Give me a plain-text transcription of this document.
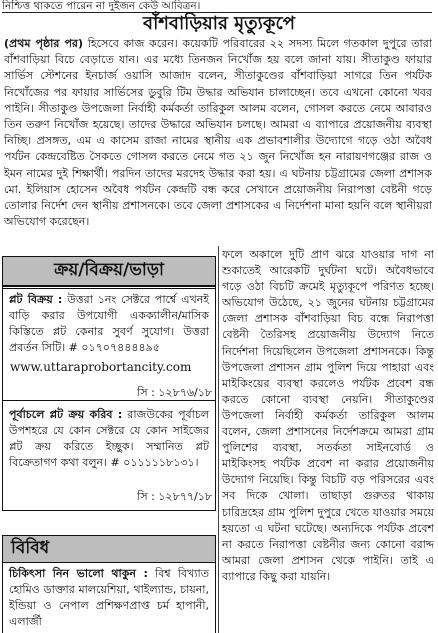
নিশ্চিত্ত থাকতে পারেন না দুইজন কেউ আবিত্রন।
বাঁশবাড়িয়ার মৃত্যুকূপে
(প্রথম পৃষ্ঠার পর) হিসেবে কাজ করেন। কয়েকটি পরিবারের ২২ সদস্য মিলে গতকাল দুপুরে তারা বাঁশবাড়িয়া বিচে বেড়াতে যান। এর মধ্যে তিনজন নিখোঁজ হয় বলে জানা যায়। সীতাকুণ্ড ফায়ার সার্ভিস স্টেশনের ইনচার্জ ওয়াসি আজাদ বলেন, সীতাকুণ্ডের বাঁশবাড়িয়া সাগরে তিন পর্যটক নিখোঁজের পর ফায়ার সার্ভিসের ডুবুরি টিম উদ্ধার অভিযান চালাচ্ছেন। তবে এখনো কোনো খবর পাইনি। সীতাকুণ্ড উপজেলা নির্বাহী কর্মকর্তা তারিকুল আলম বলেন, গোসল করতে নেমে আবারও তিন তরুণ নিখোঁজ হয়েছে। তাদের উদ্ধারে অভিযান চলছে। আমরা এ ব্যাপারে প্রয়োজনীয় ব্যবস্থা নিচ্ছি। প্রসঙ্গত, এম এ কাসেম রাজা নামের স্থানীয় এক প্রভাবশালীর উদ্যোগে গড়ে ওঠা অবৈধ পর্যটন কেন্দ্রবেষ্টিত সৈকতে গোসল করতে নেমে গত ২১ জুন নিখোঁজ হন নারায়ণগঞ্জের রাজ ও ইমন নামের দুই শিক্ষার্থী। পরদিন তাদের মরদেহ উদ্ধার করা হয়। এ ঘটনায় চট্টগ্রামের জেলা প্রশাসক মো. ইলিয়াস হোসেন অবৈধ পর্যটন কেন্দ্রটি বন্ধ করে সেখানে প্রয়োজনীয় নিরাপত্তা বেষ্টনী গড়ে তোলার নির্দেশ দেন স্থানীয় প্রশাসনকে। তবে জেলা প্রশাসকের এ নির্দেশনা মানা হয়নি বলে স্থানীয়রা অভিযোগ করেছেন।
ক্রয়/বিক্রয়/ভাড়া
প্লট বিক্রয় : উত্তরা ১নং সেক্টরে পার্শ্বে এখনই বাড়ি করার উপযোগী একক্যালীন/মাসিক কিস্তিতে প্লট কেনার সুবর্ণ সুযোগ। উত্তরা প্রবর্তন সিটি। # ০১৭০৭৪৪৪৪৯৫
www.uttaraprobortancity.com
সি : ১২৮৭৬/১৮
পূর্বাচলে প্লট ক্রয় করিব : রাজউকের পূর্বাচল উপশহরে যে কোন সেক্টরে যে কোন সাইজের প্লট ক্রয় করিতে ইচ্ছুক। সম্মানিত প্লট বিক্রেতাগণ কথা বলুন। # ০১১১১১৮১৩১।
সি : ১২৮৭৭/১৮
বিবিধ
চিকিৎসা নিন ভালো থাকুন : বিশ্ব বিখ্যাত হোমিও ডাক্তার মালয়েশিয়া, থাইল্যান্ড, চায়না, ইন্ডিয়া ও নেপাল প্রশিক্ষণপ্রাপ্ত চর্ম হাপানী, এলার্জী
ফলে অকালে দুটি প্রাণ ঝরে যাওয়ার দাগ না শুকাতেই আরেকটি দুর্ঘটনা ঘটে। অবৈধভাবে গড়ে ওঠা বিচটি ক্রমেই মৃত্যুকূপে পরিণত হচ্ছে। অভিযোগ উঠেছে, ২১ জুনের ঘটনায় চট্টগ্রামের জেলা প্রশাসক বাঁশবাড়িয়া বিচ বন্ধে নিরাপত্তা বেষ্টনী তৈরিসহ প্রয়োজনীয় উদ্যোগ নিতে নির্দেশনা দিয়েছিলেন উপজেলা প্রশাসনকে। কিন্তু উপজেলা প্রশাসন গ্রাম পুলিশ দিয়ে পাহারা এবং মাইকিংয়ের ব্যবস্থা করলেও পর্যটক প্রবেশ বন্ধ করতে কোনো ব্যবস্থা নেয়নি। সীতাকুণ্ডের উপজেলা নির্বাহী কর্মকর্তা তারিকুল আলম বলেন, জেলা প্রশাসনের নির্দেশক্রমে আমরা গ্রাম পুলিশের ব্যবস্থা, সতর্কতা সাইনবোর্ড ও মাইকিংসহ পর্যটক প্রবেশ না করার প্রয়োজনীয় উদ্যোগ নিয়েছি। কিন্তু বিচটি বড় পরিসরের এবং সব দিকে খোলা। তাছাড়া গুরুতর থাকায় চারিদ্রহের গ্রাম পুলিশ দুপুরে খেতে যাওয়ার সময়ে হয়তো এ ঘটনা ঘটেছে। অন্যদিকে পর্যটক প্রবেশ না করতে নিরাপত্তা বেষ্টনীর জন্য কোনো বরাদ্দ আমরা জেলা প্রশাসন থেকে পাইনি। তাই এ ব্যাপারে কিছু করা যায়নি।
